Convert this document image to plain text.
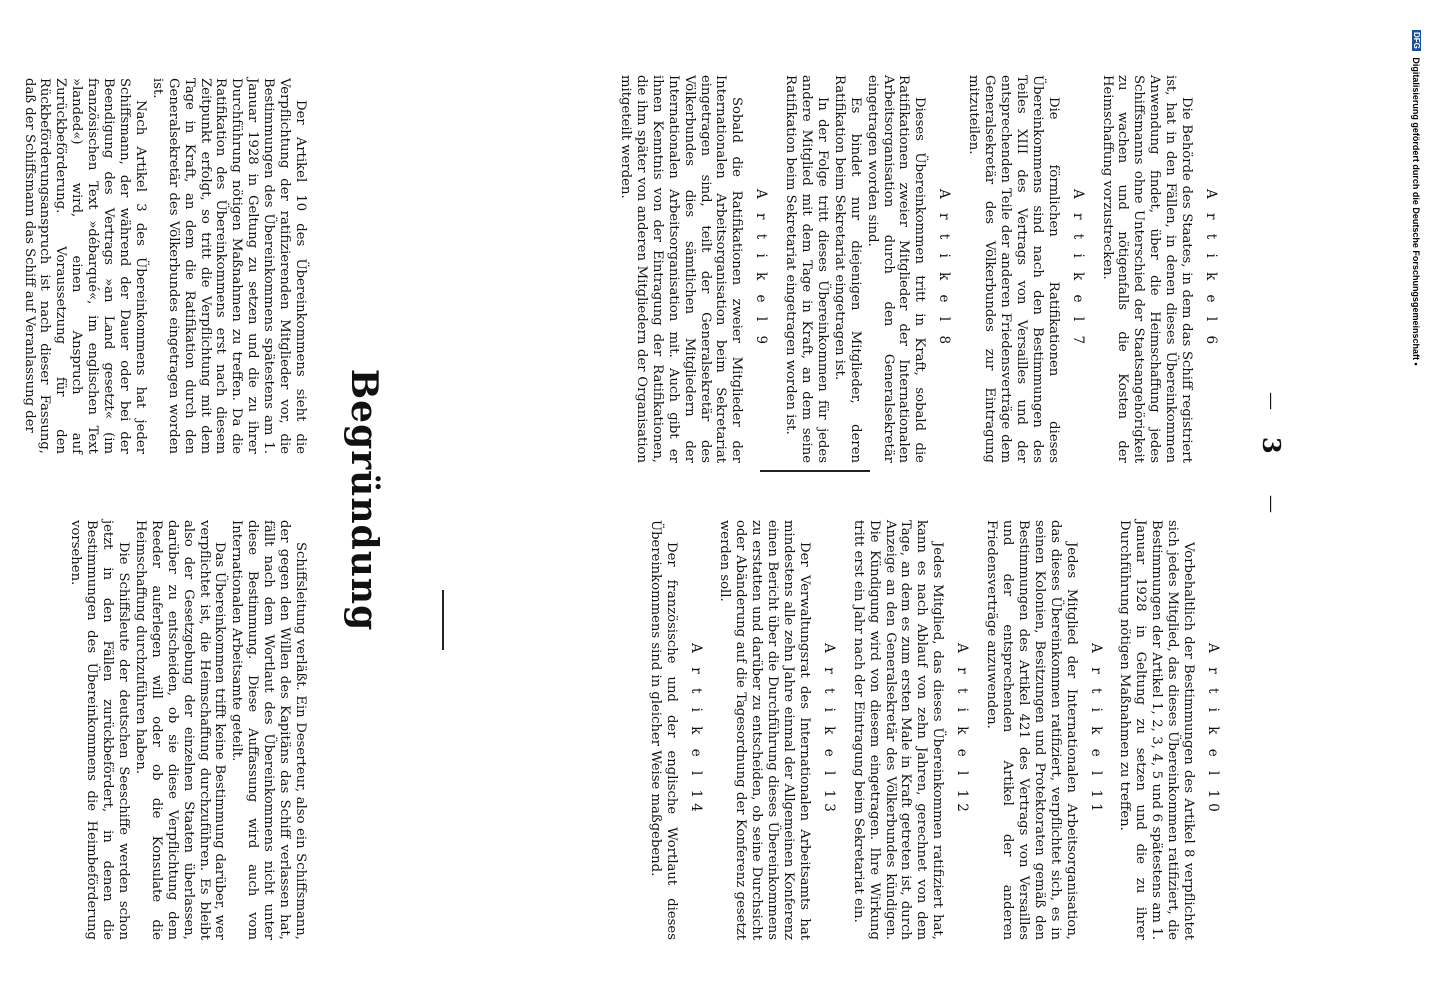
—
3
—
A r t i k e l 6

Die Behörde des Staates, in dem das Schiff registriert ist, hat in den Fällen, in denen dieses Übereinkommen Anwendung findet, über die Heimschaffung jedes Schiffsmanns ohne Unterschied der Staatsangehörigkeit zu wachen und nötigenfalls die Kosten der Heimschaffung vorzustrecken.

A r t i k e l 7

Die förmlichen Ratifikationen dieses Übereinkommens sind nach den Bestimmungen des Teiles XIII des Vertrags von Versailles und der entsprechenden Teile der anderen Friedensverträge dem Generalsekretär des Völkerbundes zur Eintragung mitzuteilen.

A r t i k e l 8

Dieses Übereinkommen tritt in Kraft, sobald die Ratifikationen zweier Mitglieder der Internationalen Arbeitsorganisation durch den Generalsekretär eingetragen worden sind.

Es bindet nur diejenigen Mitglieder, deren Ratifikation beim Sekretariat eingetragen ist.

In der Folge tritt dieses Übereinkommen für jedes andere Mitglied mit dem Tage in Kraft, an dem seine Ratifikation beim Sekretariat eingetragen worden ist.

A r t i k e l 9

Sobald die Ratifikationen zweier Mitglieder der Internationalen Arbeitsorganisation beim Sekretariat eingetragen sind, teilt der Generalsekretär des Völkerbundes dies sämtlichen Mitgliedern der Internationalen Arbeitsorganisation mit. Auch gibt er ihnen Kenntnis von der Eintragung der Ratifikationen, die ihm später von anderen Mitgliedern der Organisation mitgeteilt werden.

A r t i k e l 10

Vorbehaltlich der Bestimmungen des Artikel 8 verpflichtet sich jedes Mitglied, das dieses Übereinkommen ratifiziert, die Bestimmungen der Artikel 1, 2, 3, 4, 5 und 6 spätestens am 1. Januar 1928 in Geltung zu setzen und die zu ihrer Durchführung nötigen Maßnahmen zu treffen.

A r t i k e l 11

Jedes Mitglied der Internationalen Arbeitsorganisation, das dieses Übereinkommen ratifiziert, verpflichtet sich, es in seinen Kolonien, Besitzungen und Protektoraten gemäß den Bestimmungen des Artikel 421 des Vertrags von Versailles und der entsprechenden Artikel der anderen Friedensverträge anzuwenden.

A r t i k e l 12

Jedes Mitglied, das dieses Übereinkommen ratifiziert hat, kann es nach Ablauf von zehn Jahren, gerechnet von dem Tage, an dem es zum ersten Male in Kraft getreten ist, durch Anzeige an den Generalsekretär des Völkerbundes kündigen. Die Kündigung wird von diesem eingetragen. Ihre Wirkung tritt erst ein Jahr nach der Eintragung beim Sekretariat ein.

A r t i k e l 13

Der Verwaltungsrat des Internationalen Arbeitsamts hat mindestens alle zehn Jahre einmal der Allgemeinen Konferenz einen Bericht über die Durchführung dieses Übereinkommens zu erstatten und darüber zu entscheiden, ob seine Durchsicht oder Abänderung auf die Tagesordnung der Konferenz gesetzt werden soll.

A r t i k e l 14

Der französische und der englische Wortlaut dieses Übereinkommens sind in gleicher Weise maßgebend.

Begründung

Der Artikel 10 des Übereinkommens sieht die Verpflichtung der ratifizierenden Mitglieder vor, die Bestimmungen des Übereinkommens spätestens am 1. Januar 1928 in Geltung zu setzen und die zu ihrer Durchführung nötigen Maßnahmen zu treffen. Da die Ratifikation des Übereinkommens erst nach diesem Zeitpunkt erfolgt, so tritt die Verpflichtung mit dem Tage in Kraft, an dem die Ratifikation durch den Generalsekretär des Völkerbundes eingetragen worden ist.

Nach Artikel 3 des Übereinkommens hat jeder Schiffsmann, der während der Dauer oder bei der Beendigung des Vertrags »an Land gesetzt« (im französischen Text »débarqué«, im englischen Text »landed«) wird, einen Anspruch auf Zurückbeförderung. Voraussetzung für den Rückbeförderungsanspruch ist nach dieser Fassung, daß der Schiffsmann das Schiff auf Veranlassung der

Schiffsleitung verläßt. Ein Deserteur, also ein Schiffsmann, der gegen den Willen des Kapitäns das Schiff verlassen hat, fällt nach dem Wortlaut des Übereinkommens nicht unter diese Bestimmung. Diese Auffassung wird auch vom Internationalen Arbeitsamte geteilt.

Das Übereinkommen trifft keine Bestimmung darüber, wer verpflichtet ist, die Heimschaffung durchzuführen. Es bleibt also der Gesetzgebung der einzelnen Staaten überlassen, darüber zu entscheiden, ob sie diese Verpflichtung dem Reeder auferlegen will oder ob die Konsulate die Heimschaffung durchzuführen haben.

Die Schiffsleute der deutschen Seeschiffe werden schon jetzt in den Fällen zurückbefördert, in denen die Bestimmungen des Übereinkommens die Heimbeförderung vorsehen.

DFG Digitalisierung gefördert durch die Deutsche Forschungsgemeinschaft •
